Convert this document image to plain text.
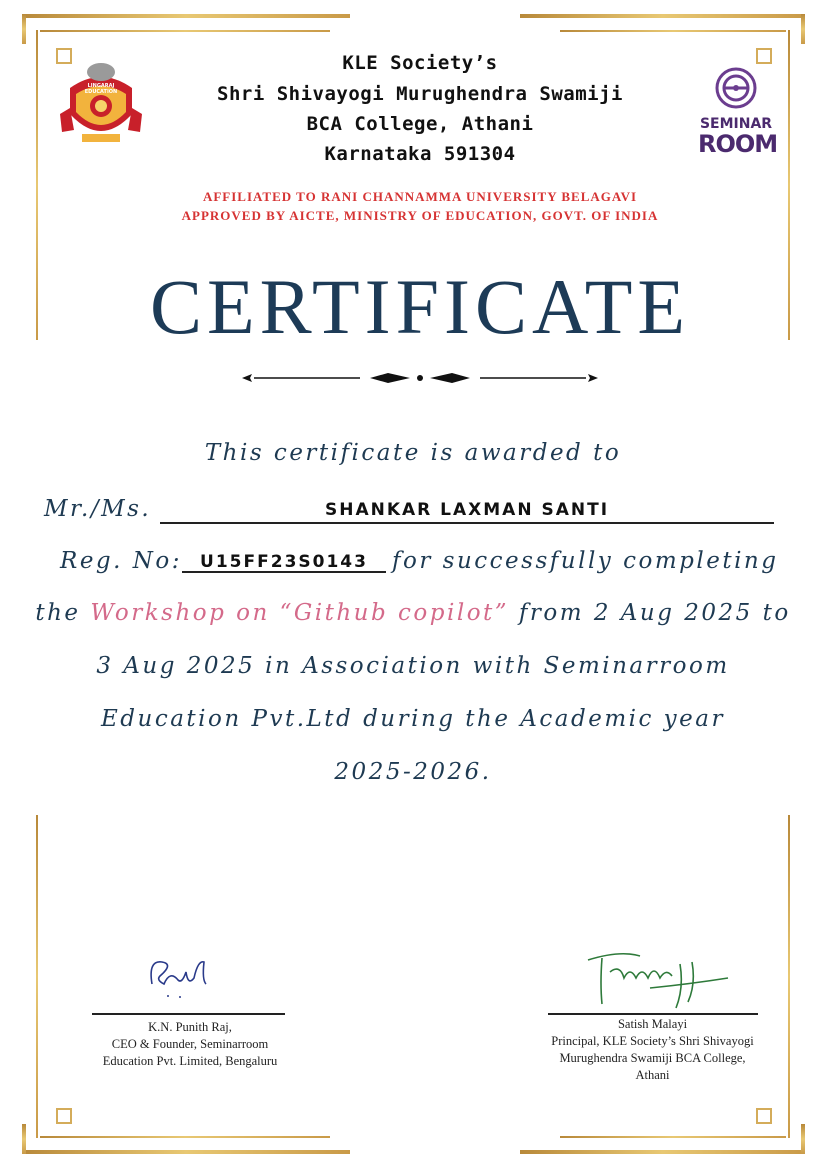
LINGARAJ EDUCATION
KLE Society’s
Shri Shivayogi Murughendra Swamiji
BCA College, Athani
Karnataka 591304
SEMINAR
ROOM
AFFILIATED TO RANI CHANNAMMA UNIVERSITY BELAGAVI
APPROVED BY AICTE, MINISTRY OF EDUCATION, GOVT. OF INDIA
CERTIFICATE
This certificate is awarded to
Mr./Ms.	SHANKAR LAXMAN SANTI
Reg. No:	U15FF23S0143	for successfully completing
the Workshop on “Github copilot” from 2 Aug 2025 to
3 Aug 2025 in Association with Seminarroom
Education Pvt.Ltd during the Academic year
2025-2026.
K.N. Punith Raj,
CEO & Founder, Seminarroom
Education Pvt. Limited, Bengaluru
Satish Malayi
Principal, KLE Society’s Shri Shivayogi
Murughendra Swamiji BCA College,
Athani
